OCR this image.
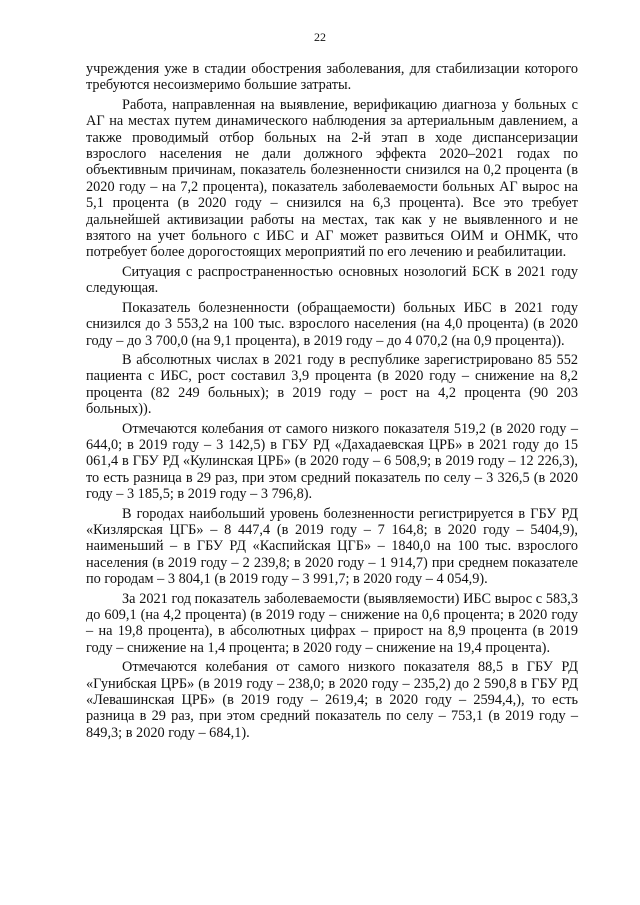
22

учреждения уже в стадии обострения заболевания, для стабилизации которого требуются несоизмеримо большие затраты.

Работа, направленная на выявление, верификацию диагноза у больных с АГ на местах путем динамического наблюдения за артериальным давлением, а также проводимый отбор больных на 2-й этап в ходе диспансеризации взрослого населения не дали должного эффекта 2020–2021 годах по объективным причинам, показатель болезненности снизился на 0,2 процента (в 2020 году – на 7,2 процента), показатель заболеваемости больных АГ вырос на 5,1 процента (в 2020 году – снизился на 6,3 процента). Все это требует дальнейшей активизации работы на местах, так как у не выявленного и не взятого на учет больного с ИБС и АГ может развиться ОИМ и ОНМК, что потребует более дорогостоящих мероприятий по его лечению и реабилитации.

Ситуация с распространенностью основных нозологий БСК в 2021 году следующая.

Показатель болезненности (обращаемости) больных ИБС в 2021 году снизился до 3 553,2 на 100 тыс. взрослого населения (на 4,0 процента) (в 2020 году – до 3 700,0 (на 9,1 процента), в 2019 году – до 4 070,2 (на 0,9 процента)).

В абсолютных числах в 2021 году в республике зарегистрировано 85 552 пациента с ИБС, рост составил 3,9 процента (в 2020 году – снижение на 8,2 процента (82 249 больных); в 2019 году – рост на 4,2 процента (90 203 больных)).

Отмечаются колебания от самого низкого показателя 519,2 (в 2020 году – 644,0; в 2019 году – 3 142,5) в ГБУ РД «Дахадаевская ЦРБ» в 2021 году до 15 061,4 в ГБУ РД «Кулинская ЦРБ» (в 2020 году – 6 508,9; в 2019 году – 12 226,3), то есть разница в 29 раз, при этом средний показатель по селу – 3 326,5 (в 2020 году – 3 185,5; в 2019 году – 3 796,8).

В городах наибольший уровень болезненности регистрируется в ГБУ РД «Кизлярская ЦГБ» – 8 447,4 (в 2019 году – 7 164,8; в 2020 году – 5404,9), наименьший – в ГБУ РД «Каспийская ЦГБ» – 1840,0 на 100 тыс. взрослого населения (в 2019 году – 2 239,8; в 2020 году – 1 914,7) при среднем показателе по городам – 3 804,1 (в 2019 году – 3 991,7; в 2020 году – 4 054,9).

За 2021 год показатель заболеваемости (выявляемости) ИБС вырос с 583,3 до 609,1 (на 4,2 процента) (в 2019 году – снижение на 0,6 процента; в 2020 году – на 19,8 процента), в абсолютных цифрах – прирост на 8,9 процента (в 2019 году – снижение на 1,4 процента; в 2020 году – снижение на 19,4 процента).

Отмечаются колебания от самого низкого показателя 88,5 в ГБУ РД «Гунибская ЦРБ» (в 2019 году – 238,0; в 2020 году – 235,2) до 2 590,8 в ГБУ РД «Левашинская ЦРБ» (в 2019 году – 2619,4; в 2020 году – 2594,4,), то есть разница в 29 раз, при этом средний показатель по селу – 753,1 (в 2019 году – 849,3; в 2020 году – 684,1).
